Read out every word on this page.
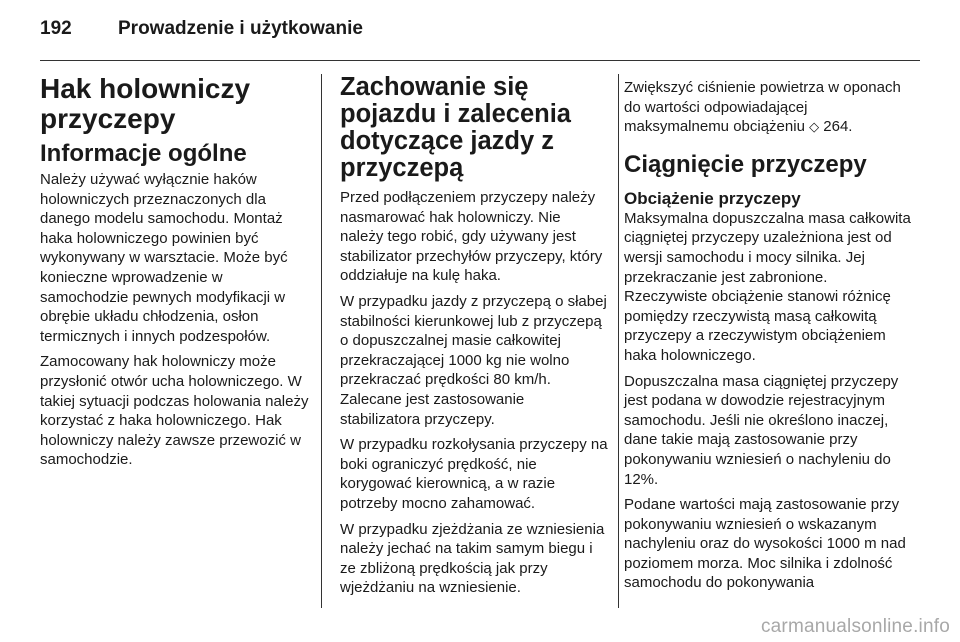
192 Prowadzenie i użytkowanie
Hak holowniczy przyczepy
Informacje ogólne

Należy używać wyłącznie haków holowniczych przeznaczonych dla danego modelu samochodu. Montaż haka holowniczego powinien być wykonywany w warsztacie. Może być konieczne wprowadzenie w samochodzie pewnych modyfikacji w obrębie układu chłodzenia, osłon termicznych i innych podzespołów.

Zamocowany hak holowniczy może przysłonić otwór ucha holowniczego. W takiej sytuacji podczas holowania należy korzystać z haka holowniczego. Hak holowniczy należy zawsze przewozić w samochodzie.

Zachowanie się pojazdu i zalecenia dotyczące jazdy z przyczepą

Przed podłączeniem przyczepy należy nasmarować hak holowniczy. Nie należy tego robić, gdy używany jest stabilizator przechyłów przyczepy, który oddziałuje na kulę haka.

W przypadku jazdy z przyczepą o słabej stabilności kierunkowej lub z przyczepą o dopuszczalnej masie całkowitej przekraczającej 1000 kg nie wolno przekraczać prędkości 80 km/h. Zalecane jest zastosowanie stabilizatora przyczepy.

W przypadku rozkołysania przyczepy na boki ograniczyć prędkość, nie korygować kierownicą, a w razie potrzeby mocno zahamować.

W przypadku zjeżdżania ze wzniesienia należy jechać na takim samym biegu i ze zbliżoną prędkością jak przy wjeżdżaniu na wzniesienie.

Zwiększyć ciśnienie powietrza w oponach do wartości odpowiadającej maksymalnemu obciążeniu ◇ 264.

Ciągnięcie przyczepy
Obciążenie przyczepy

Maksymalna dopuszczalna masa całkowita ciągniętej przyczepy uzależniona jest od wersji samochodu i mocy silnika. Jej przekraczanie jest zabronione. Rzeczywiste obciążenie stanowi różnicę pomiędzy rzeczywistą masą całkowitą przyczepy a rzeczywistym obciążeniem haka holowniczego.

Dopuszczalna masa ciągniętej przyczepy jest podana w dowodzie rejestracyjnym samochodu. Jeśli nie określono inaczej, dane takie mają zastosowanie przy pokonywaniu wzniesień o nachyleniu do 12%.

Podane wartości mają zastosowanie przy pokonywaniu wzniesień o wskazanym nachyleniu oraz do wysokości 1000 m nad poziomem morza. Moc silnika i zdolność samochodu do pokonywania

carmanualsonline.info
